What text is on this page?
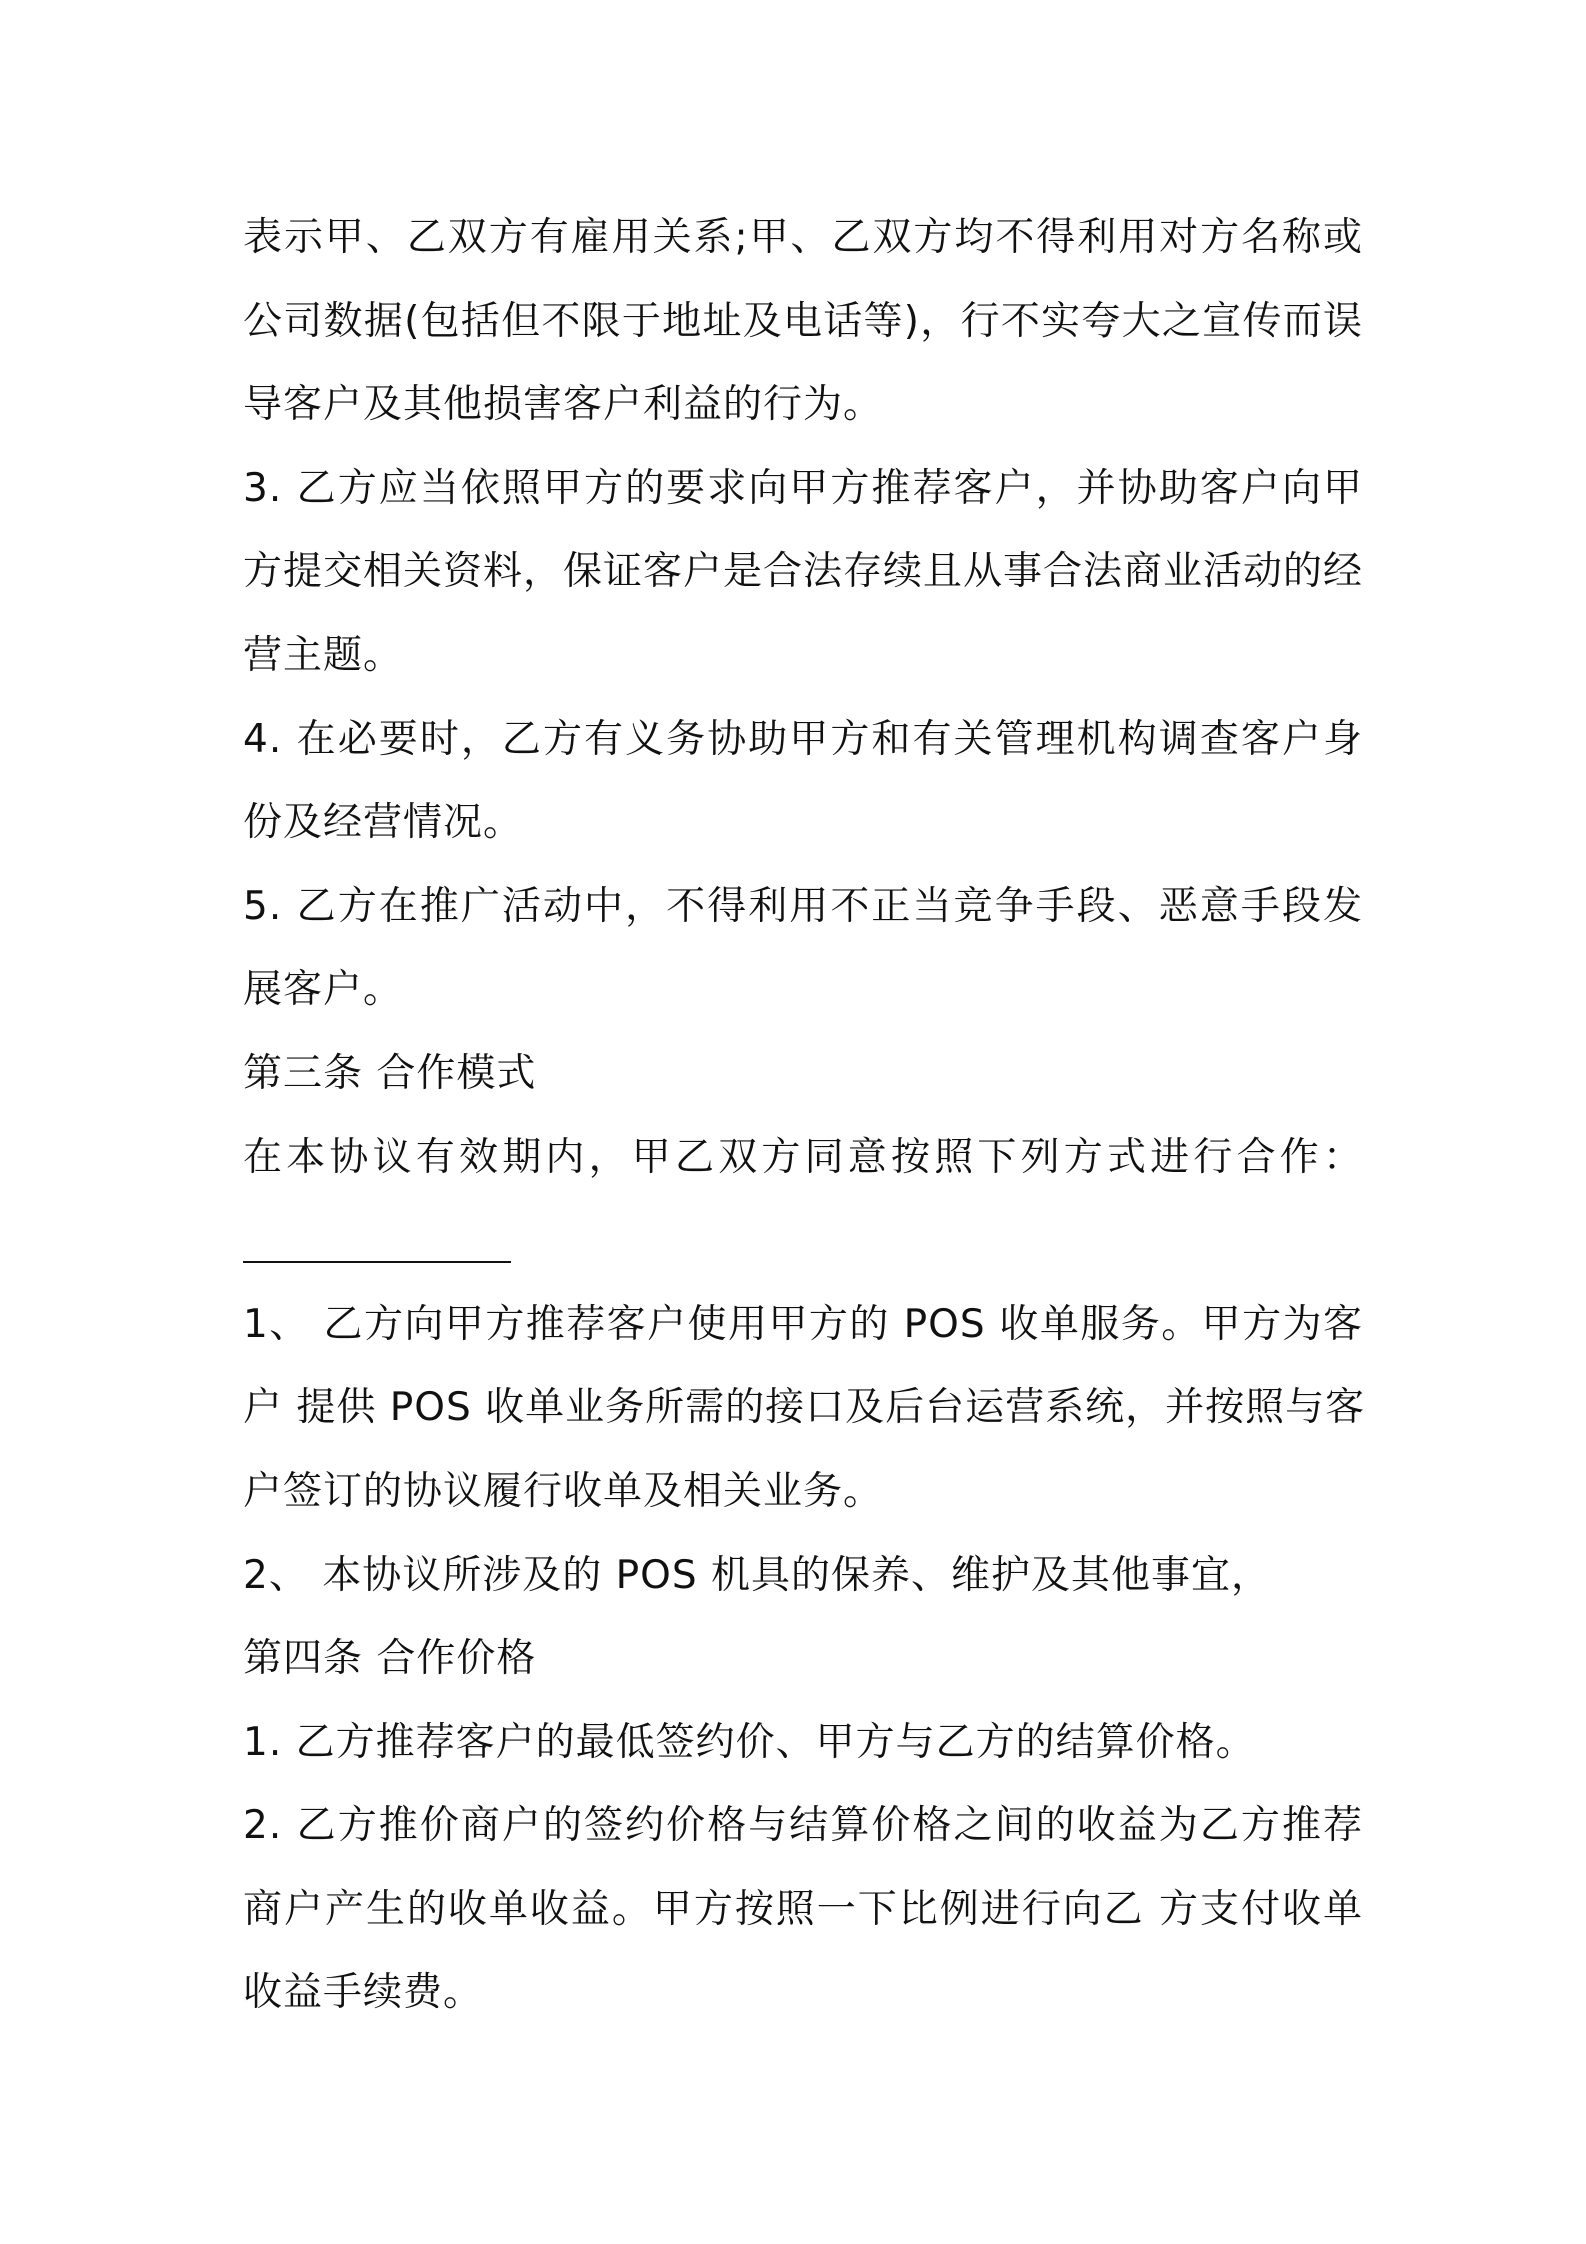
表示甲、乙双方有雇用关系;甲、乙双方均不得利用对方名称或
公司数据(包括但不限于地址及电话等)，行不实夸大之宣传而误
导客户及其他损害客户利益的行为。
3. 乙方应当依照甲方的要求向甲方推荐客户，并协助客户向甲
方提交相关资料，保证客户是合法存续且从事合法商业活动的经
营主题。
4. 在必要时，乙方有义务协助甲方和有关管理机构调查客户身
份及经营情况。
5. 乙方在推广活动中，不得利用不正当竞争手段、恶意手段发
展客户。
第三条 合作模式
在本协议有效期内，甲乙双方同意按照下列方式进行合作：
1、 乙方向甲方推荐客户使用甲方的 POS 收单服务。甲方为客
户 提供 POS 收单业务所需的接口及后台运营系统，并按照与客
户签订的协议履行收单及相关业务。
2、 本协议所涉及的 POS 机具的保养、维护及其他事宜，
第四条 合作价格
1. 乙方推荐客户的最低签约价、甲方与乙方的结算价格。
2. 乙方推价商户的签约价格与结算价格之间的收益为乙方推荐
商户产生的收单收益。甲方按照一下比例进行向乙 方支付收单
收益手续费。
